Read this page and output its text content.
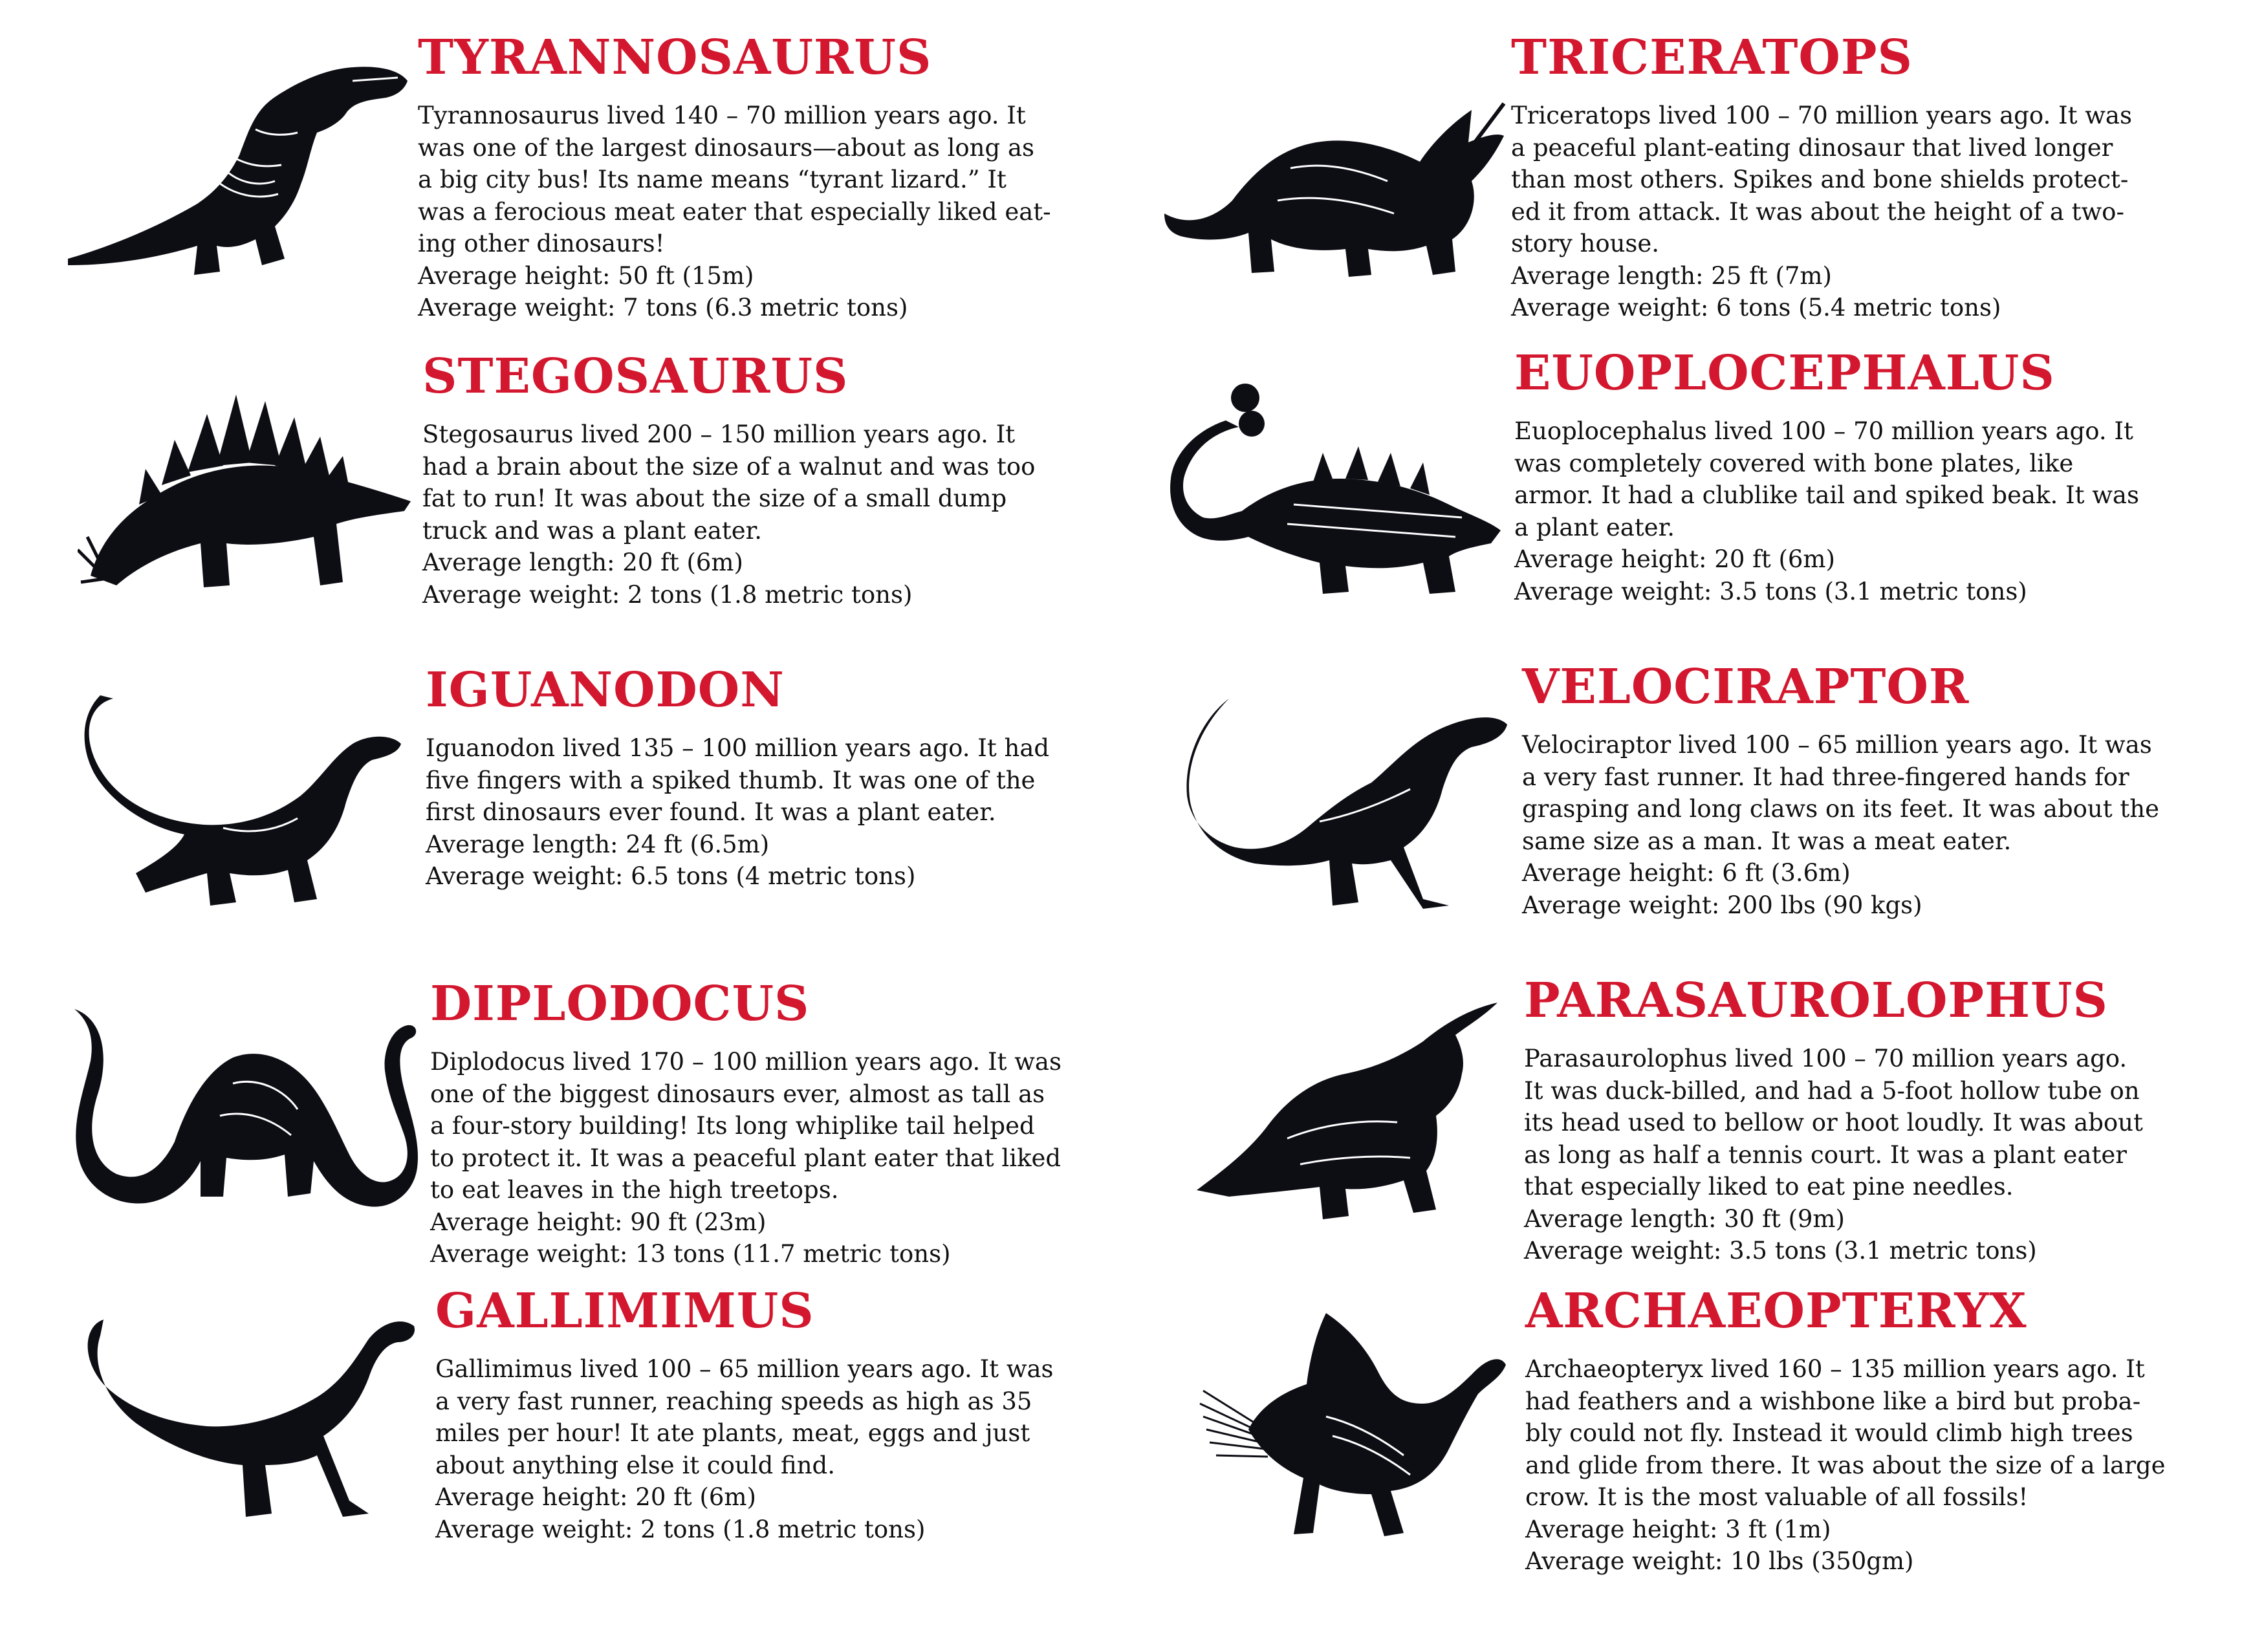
TYRANNOSAURUS

Tyrannosaurus lived 140 – 70 million years ago. It
was one of the largest dinosaurs—about as long as
a big city bus! Its name means “tyrant lizard.” It
was a ferocious meat eater that especially liked eat-
ing other dinosaurs!

Average height: 50 ft (15m)

Average weight: 7 tons (6.3 metric tons)

STEGOSAURUS

Stegosaurus lived 200 – 150 million years ago. It
had a brain about the size of a walnut and was too
fat to run! It was about the size of a small dump
truck and was a plant eater.

Average length: 20 ft (6m)

Average weight: 2 tons (1.8 metric tons)

IGUANODON

Iguanodon lived 135 – 100 million years ago. It had
five fingers with a spiked thumb. It was one of the
first dinosaurs ever found. It was a plant eater.

Average length: 24 ft (6.5m)

Average weight: 6.5 tons (4 metric tons)

DIPLODOCUS

Diplodocus lived 170 – 100 million years ago. It was
one of the biggest dinosaurs ever, almost as tall as
a four-story building! Its long whiplike tail helped
to protect it. It was a peaceful plant eater that liked
to eat leaves in the high treetops.

Average height: 90 ft (23m)

Average weight: 13 tons (11.7 metric tons)

GALLIMIMUS

Gallimimus lived 100 – 65 million years ago. It was
a very fast runner, reaching speeds as high as 35
miles per hour! It ate plants, meat, eggs and just
about anything else it could find.

Average height: 20 ft (6m)

Average weight: 2 tons (1.8 metric tons)

TRICERATOPS

Triceratops lived 100 – 70 million years ago. It was
a peaceful plant-eating dinosaur that lived longer
than most others. Spikes and bone shields protect-
ed it from attack. It was about the height of a two-
story house.

Average length: 25 ft (7m)

Average weight: 6 tons (5.4 metric tons)

EUOPLOCEPHALUS

Euoplocephalus lived 100 – 70 million years ago. It
was completely covered with bone plates, like
armor. It had a clublike tail and spiked beak. It was
a plant eater.

Average height: 20 ft (6m)

Average weight: 3.5 tons (3.1 metric tons)

VELOCIRAPTOR

Velociraptor lived 100 – 65 million years ago. It was
a very fast runner. It had three-fingered hands for
grasping and long claws on its feet. It was about the
same size as a man. It was a meat eater.

Average height: 6 ft (3.6m)

Average weight: 200 lbs (90 kgs)

PARASAUROLOPHUS

Parasaurolophus lived 100 – 70 million years ago.
It was duck-billed, and had a 5-foot hollow tube on
its head used to bellow or hoot loudly. It was about
as long as half a tennis court. It was a plant eater
that especially liked to eat pine needles.

Average length: 30 ft (9m)

Average weight: 3.5 tons (3.1 metric tons)

ARCHAEOPTERYX

Archaeopteryx lived 160 – 135 million years ago. It
had feathers and a wishbone like a bird but proba-
bly could not fly. Instead it would climb high trees
and glide from there. It was about the size of a large
crow. It is the most valuable of all fossils!

Average height: 3 ft (1m)

Average weight: 10 lbs (350gm)
